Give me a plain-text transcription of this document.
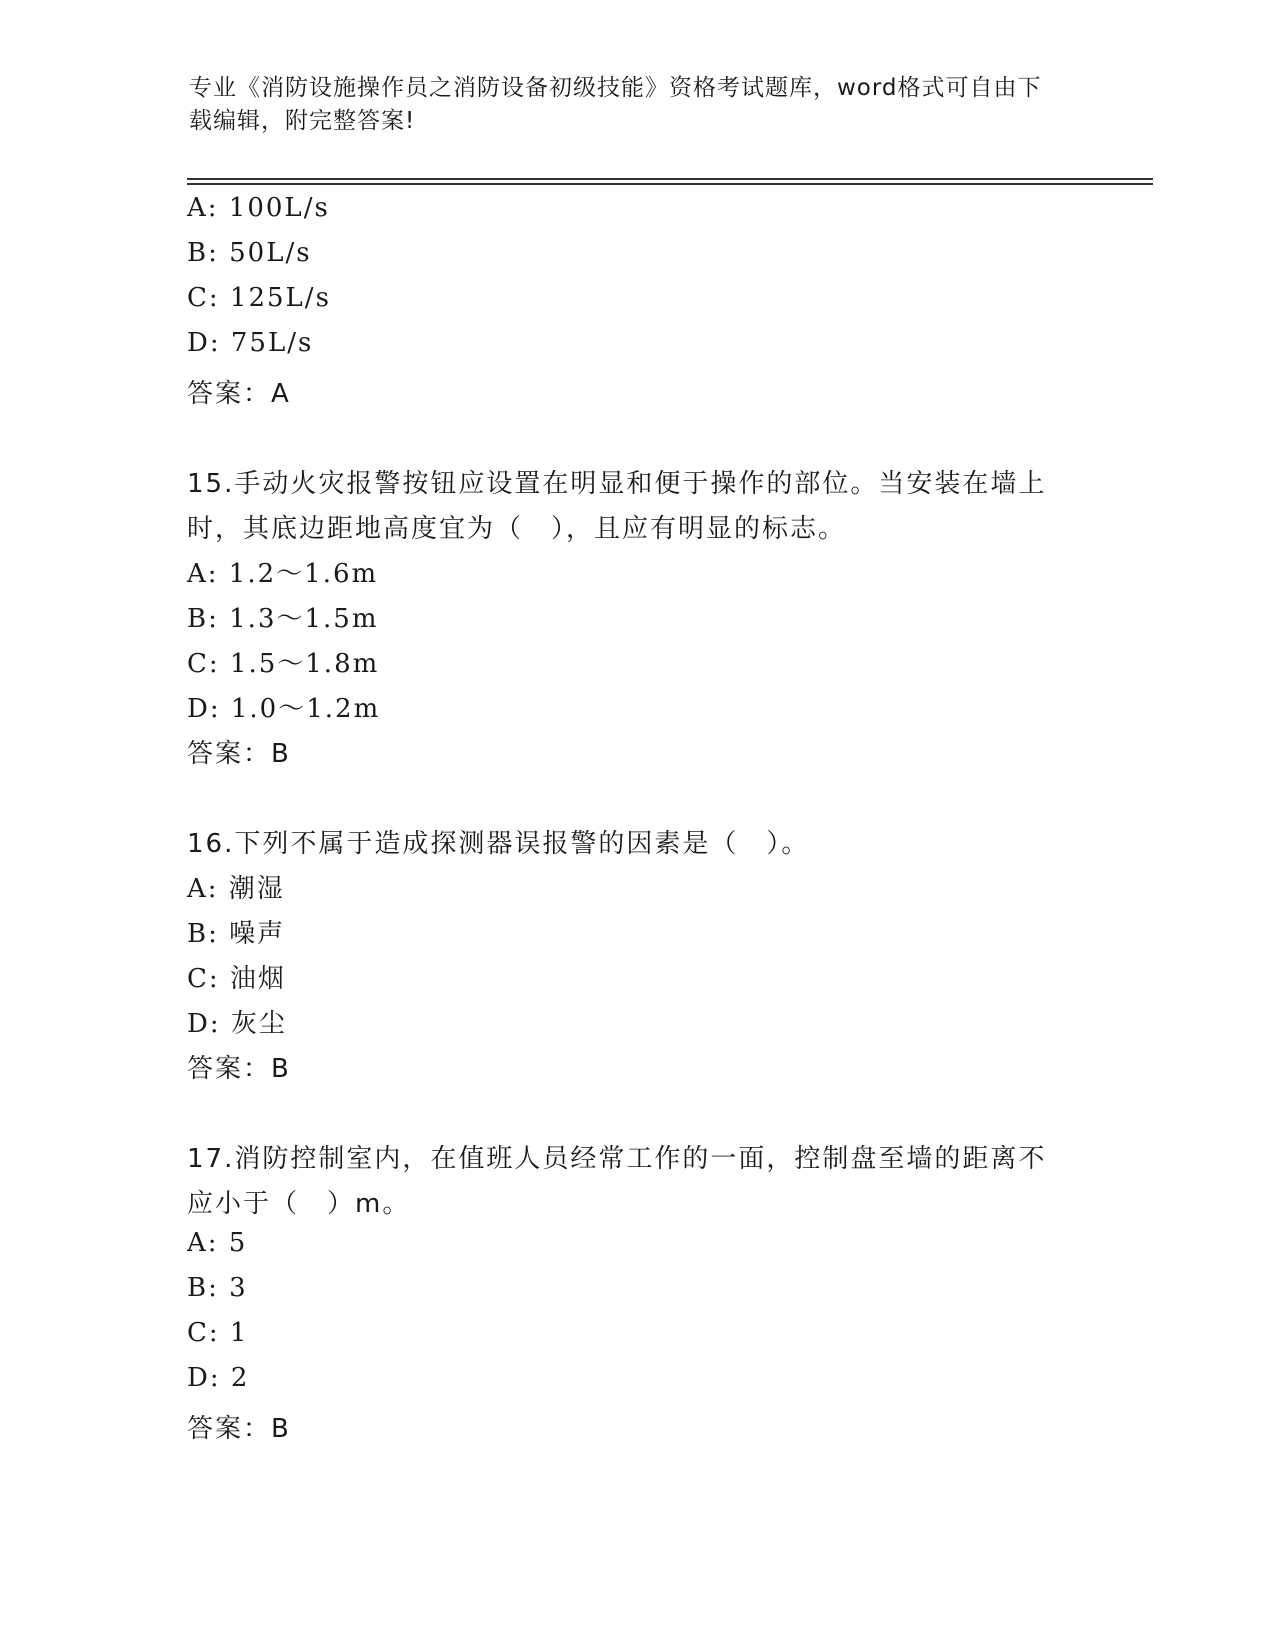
专业《消防设施操作员之消防设备初级技能》资格考试题库，word格式可自由下
载编辑，附完整答案!
A: 100L/s
B: 50L/s
C: 125L/s
D: 75L/s
答案：A
15.手动火灾报警按钮应设置在明显和便于操作的部位。当安装在墙上
时，其底边距地高度宜为（　），且应有明显的标志。
A: 1.2～1.6m
B: 1.3～1.5m
C: 1.5～1.8m
D: 1.0～1.2m
答案：B
16.下列不属于造成探测器误报警的因素是（　）。
A: 潮湿
B: 噪声
C: 油烟
D: 灰尘
答案：B
17.消防控制室内，在值班人员经常工作的一面，控制盘至墙的距离不
应小于（　）m。
A: 5
B: 3
C: 1
D: 2
答案：B
